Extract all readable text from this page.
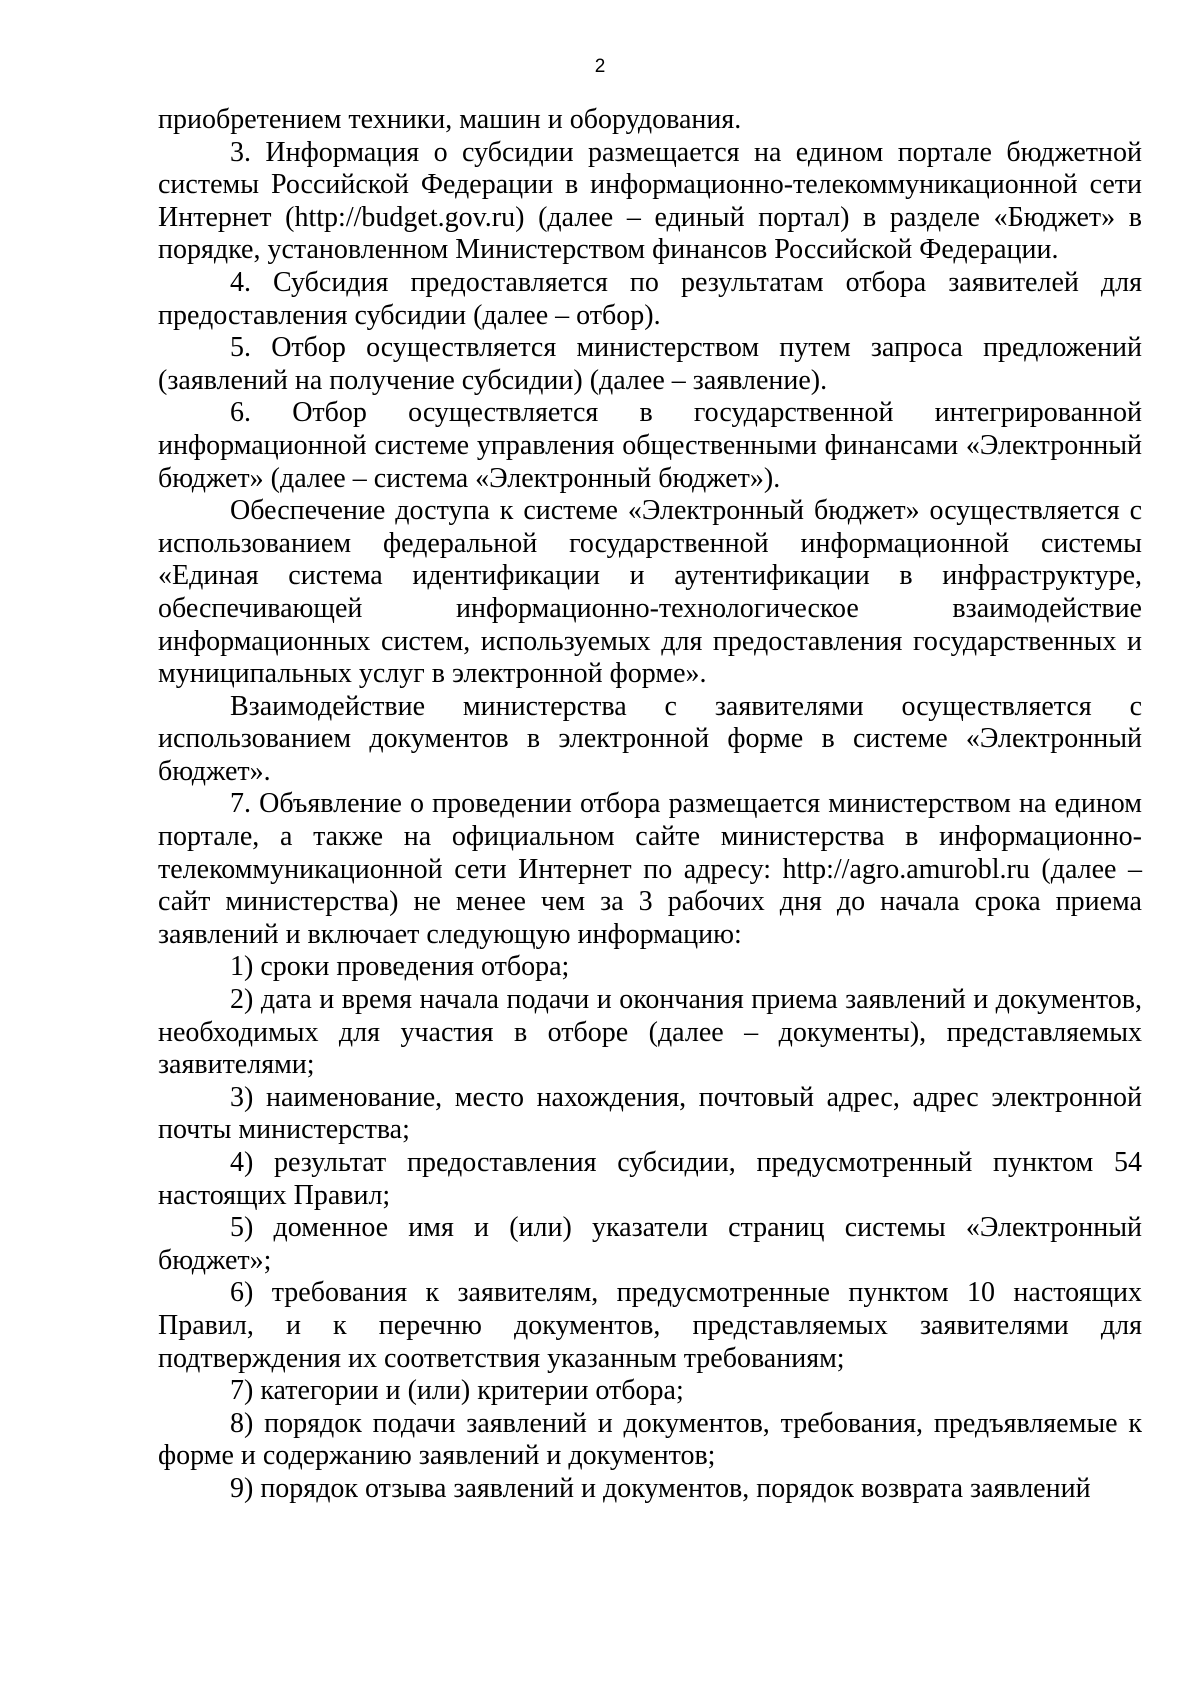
2

приобретением техники, машин и оборудования.

3. Информация о субсидии размещается на едином портале бюджетной системы Российской Федерации в информационно-телекоммуникационной сети Интернет (http://budget.gov.ru) (далее – единый портал) в разделе «Бюджет» в порядке, установленном Министерством финансов Российской Федерации.

4. Субсидия предоставляется по результатам отбора заявителей для предоставления субсидии (далее – отбор).

5. Отбор осуществляется министерством путем запроса предложений (заявлений на получение субсидии) (далее – заявление).

6. Отбор осуществляется в государственной интегрированной информационной системе управления общественными финансами «Электронный бюджет» (далее – система «Электронный бюджет»).

Обеспечение доступа к системе «Электронный бюджет» осуществляется с использованием федеральной государственной информационной системы «Единая система идентификации и аутентификации в инфраструктуре, обеспечивающей информационно-технологическое взаимодействие информационных систем, используемых для предоставления государственных и муниципальных услуг в электронной форме».

Взаимодействие министерства с заявителями осуществляется с использованием документов в электронной форме в системе «Электронный бюджет».

7. Объявление о проведении отбора размещается министерством на едином портале, а также на официальном сайте министерства в информационно-телекоммуникационной сети Интернет по адресу: http://agro.amurobl.ru (далее – сайт министерства) не менее чем за 3 рабочих дня до начала срока приема заявлений и включает следующую информацию:

1) сроки проведения отбора;

2) дата и время начала подачи и окончания приема заявлений и документов, необходимых для участия в отборе (далее – документы), представляемых заявителями;

3) наименование, место нахождения, почтовый адрес, адрес электронной почты министерства;

4) результат предоставления субсидии, предусмотренный пунктом 54 настоящих Правил;

5) доменное имя и (или) указатели страниц системы «Электронный бюджет»;

6) требования к заявителям, предусмотренные пунктом 10 настоящих Правил, и к перечню документов, представляемых заявителями для подтверждения их соответствия указанным требованиям;

7) категории и (или) критерии отбора;

8) порядок подачи заявлений и документов, требования, предъявляемые к форме и содержанию заявлений и документов;

9) порядок отзыва заявлений и документов, порядок возврата заявлений
